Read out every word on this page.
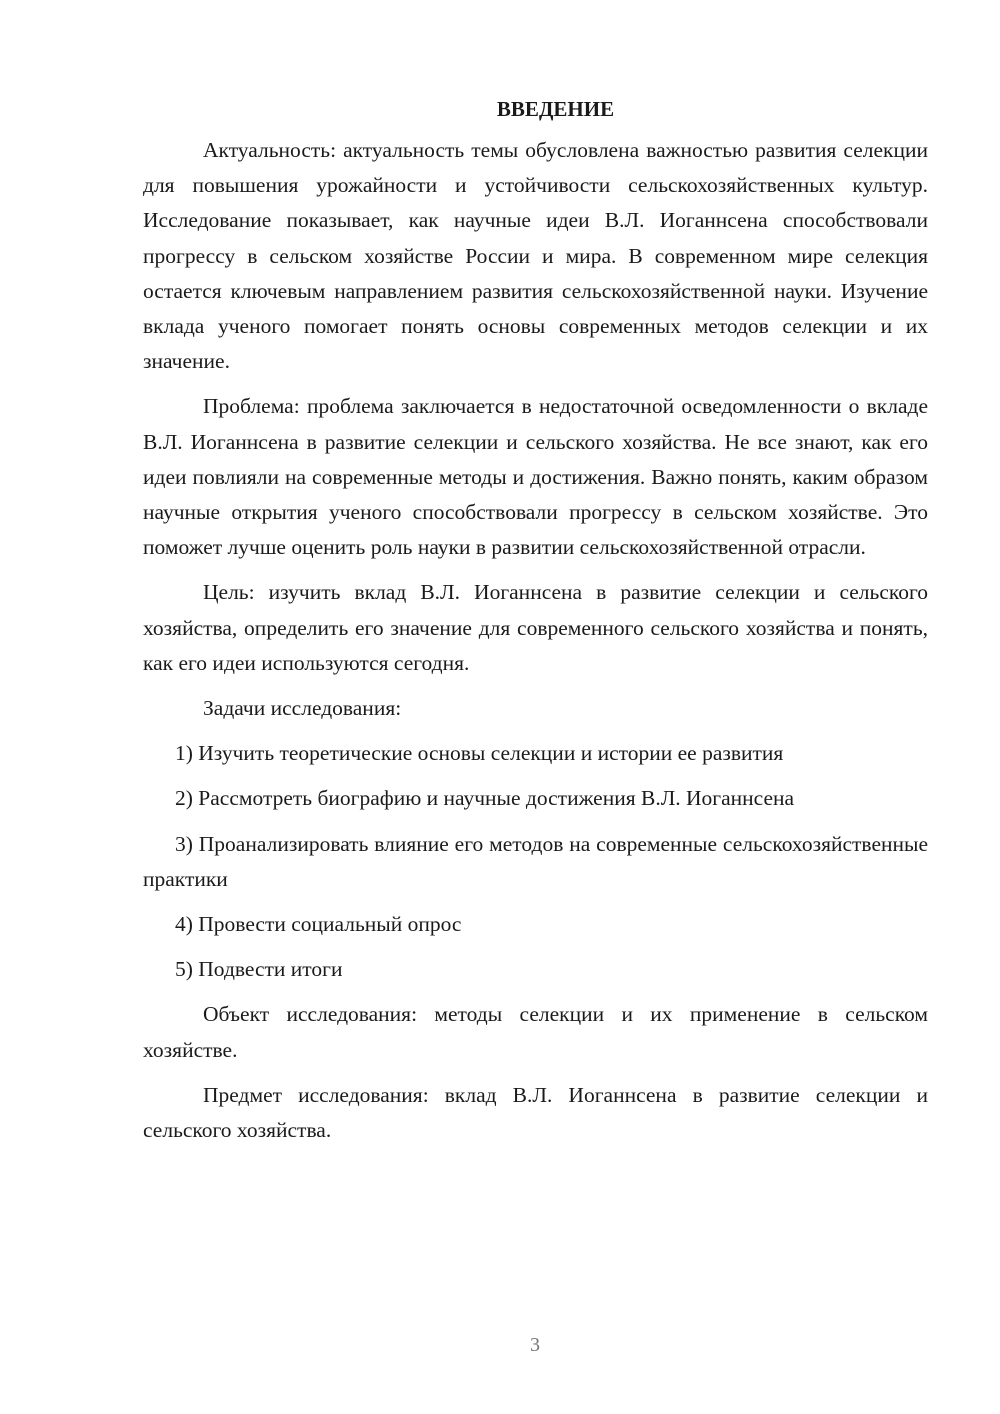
ВВЕДЕНИЕ

Актуальность: актуальность темы обусловлена важностью развития селекции для повышения урожайности и устойчивости сельскохозяйственных культур. Исследование показывает, как научные идеи В.Л. Иоганнсена способствовали прогрессу в сельском хозяйстве России и мира. В современном мире селекция остается ключевым направлением развития сельскохозяйственной науки. Изучение вклада ученого помогает понять основы современных методов селекции и их значение.

Проблема: проблема заключается в недостаточной осведомленности о вкладе В.Л. Иоганнсена в развитие селекции и сельского хозяйства. Не все знают, как его идеи повлияли на современные методы и достижения. Важно понять, каким образом научные открытия ученого способствовали прогрессу в сельском хозяйстве. Это поможет лучше оценить роль науки в развитии сельскохозяйственной отрасли.

Цель: изучить вклад В.Л. Иоганнсена в развитие селекции и сельского хозяйства, определить его значение для современного сельского хозяйства и понять, как его идеи используются сегодня.

Задачи исследования:

1) Изучить теоретические основы селекции и истории ее развития

2) Рассмотреть биографию и научные достижения В.Л. Иоганнсена

3) Проанализировать влияние его методов на современные сельскохозяйственные практики

4) Провести социальный опрос

5) Подвести итоги

Объект исследования: методы селекции и их применение в сельском хозяйстве.

Предмет исследования: вклад В.Л. Иоганнсена в развитие селекции и сельского хозяйства.

3
